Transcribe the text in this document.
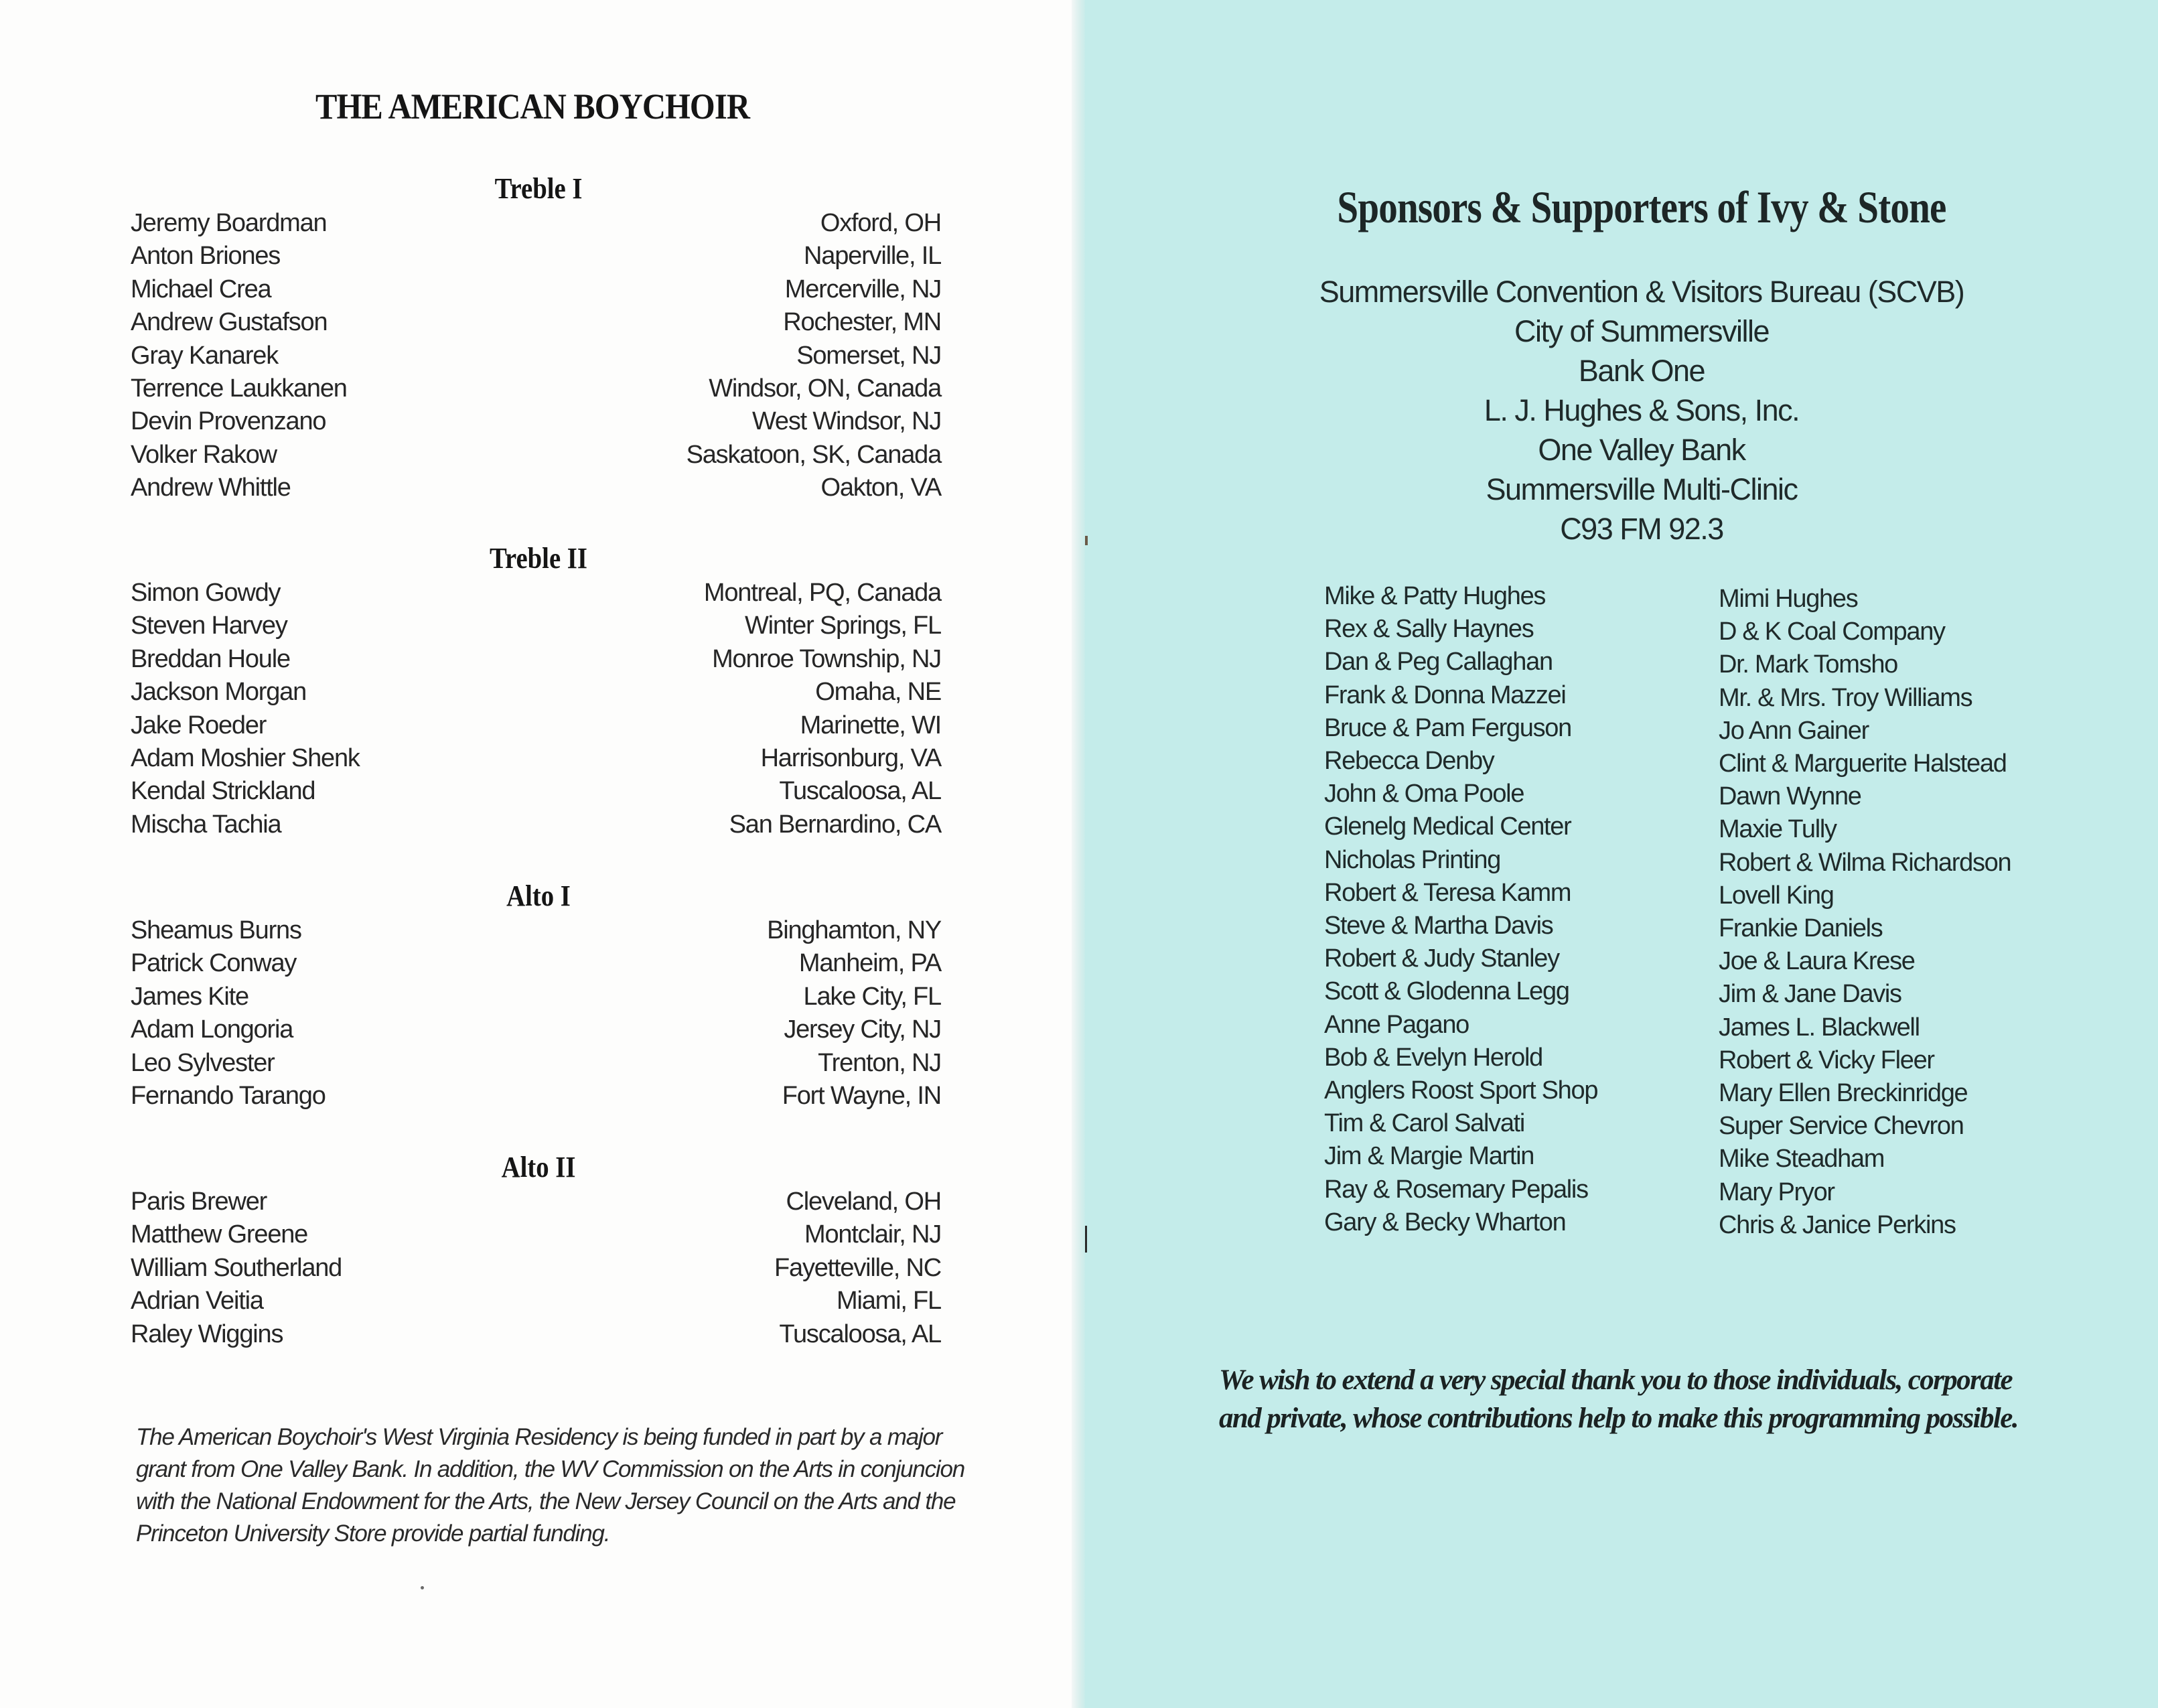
THE AMERICAN BOYCHOIR
Treble I
Jeremy Boardman	Oxford, OH
Anton Briones	Naperville, IL
Michael Crea	Mercerville, NJ
Andrew Gustafson	Rochester, MN
Gray Kanarek	Somerset, NJ
Terrence Laukkanen	Windsor, ON, Canada
Devin Provenzano	West Windsor, NJ
Volker Rakow	Saskatoon, SK, Canada
Andrew Whittle	Oakton, VA
Treble II
Simon Gowdy	Montreal, PQ, Canada
Steven Harvey	Winter Springs, FL
Breddan Houle	Monroe Township, NJ
Jackson Morgan	Omaha, NE
Jake Roeder	Marinette, WI
Adam Moshier Shenk	Harrisonburg, VA
Kendal Strickland	Tuscaloosa, AL
Mischa Tachia	San Bernardino, CA
Alto I
Sheamus Burns	Binghamton, NY
Patrick Conway	Manheim, PA
James Kite	Lake City, FL
Adam Longoria	Jersey City, NJ
Leo Sylvester	Trenton, NJ
Fernando Tarango	Fort Wayne, IN
Alto II
Paris Brewer	Cleveland, OH
Matthew Greene	Montclair, NJ
William Southerland	Fayetteville, NC
Adrian Veitia	Miami, FL
Raley Wiggins	Tuscaloosa, AL
The American Boychoir's West Virginia Residency is being funded in part by a major grant from One Valley Bank. In addition, the WV Commission on the Arts in conjuncion with the National Endowment for the Arts, the New Jersey Council on the Arts and the Princeton University Store provide partial funding.
Sponsors & Supporters of Ivy & Stone
Summersville Convention & Visitors Bureau (SCVB)
City of Summersville
Bank One
L. J. Hughes & Sons, Inc.
One Valley Bank
Summersville Multi-Clinic
C93 FM 92.3
Mike & Patty Hughes
Rex & Sally Haynes
Dan & Peg Callaghan
Frank & Donna Mazzei
Bruce & Pam Ferguson
Rebecca Denby
John & Oma Poole
Glenelg Medical Center
Nicholas Printing
Robert & Teresa Kamm
Steve & Martha Davis
Robert & Judy Stanley
Scott & Glodenna Legg
Anne Pagano
Bob & Evelyn Herold
Anglers Roost Sport Shop
Tim & Carol Salvati
Jim & Margie Martin
Ray & Rosemary Pepalis
Gary & Becky Wharton
Mimi Hughes
D & K Coal Company
Dr. Mark Tomsho
Mr. & Mrs. Troy Williams
Jo Ann Gainer
Clint & Marguerite Halstead
Dawn Wynne
Maxie Tully
Robert & Wilma Richardson
Lovell King
Frankie Daniels
Joe & Laura Krese
Jim & Jane Davis
James L. Blackwell
Robert & Vicky Fleer
Mary Ellen Breckinridge
Super Service Chevron
Mike Steadham
Mary Pryor
Chris & Janice Perkins
We wish to extend a very special thank you to those individuals, corporate and private, whose contributions help to make this programming possible.
